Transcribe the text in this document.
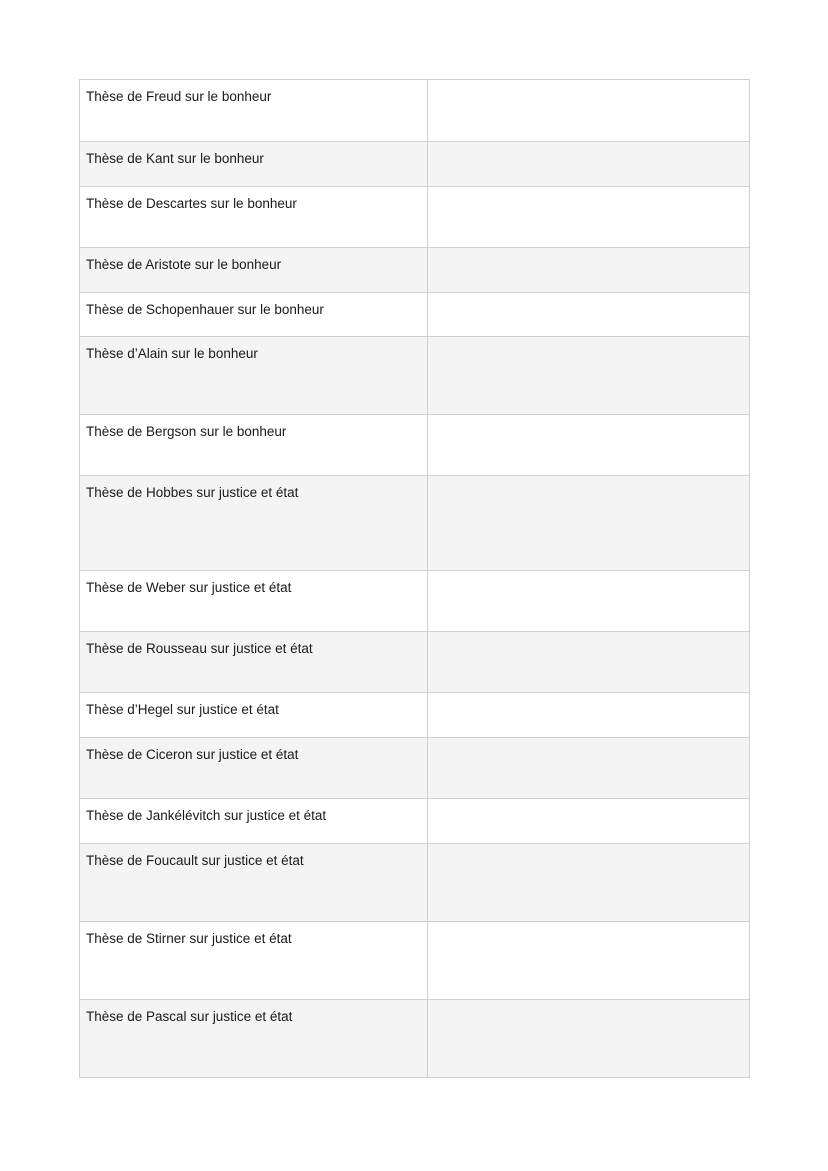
Thèse de Freud sur le bonheur	
Thèse de Kant sur le bonheur	
Thèse de Descartes sur le bonheur	
Thèse de Aristote sur le bonheur	
Thèse de Schopenhauer sur le bonheur	
Thèse d’Alain sur le bonheur	
Thèse de Bergson sur le bonheur	
Thèse de Hobbes sur justice et état	
Thèse de Weber sur justice et état	
Thèse de Rousseau sur justice et état	
Thèse d’Hegel sur justice et état	
Thèse de Ciceron sur justice et état	
Thèse de Jankélévitch sur justice et état	
Thèse de Foucault sur justice et état	
Thèse de Stirner sur justice et état	
Thèse de Pascal sur justice et état	
